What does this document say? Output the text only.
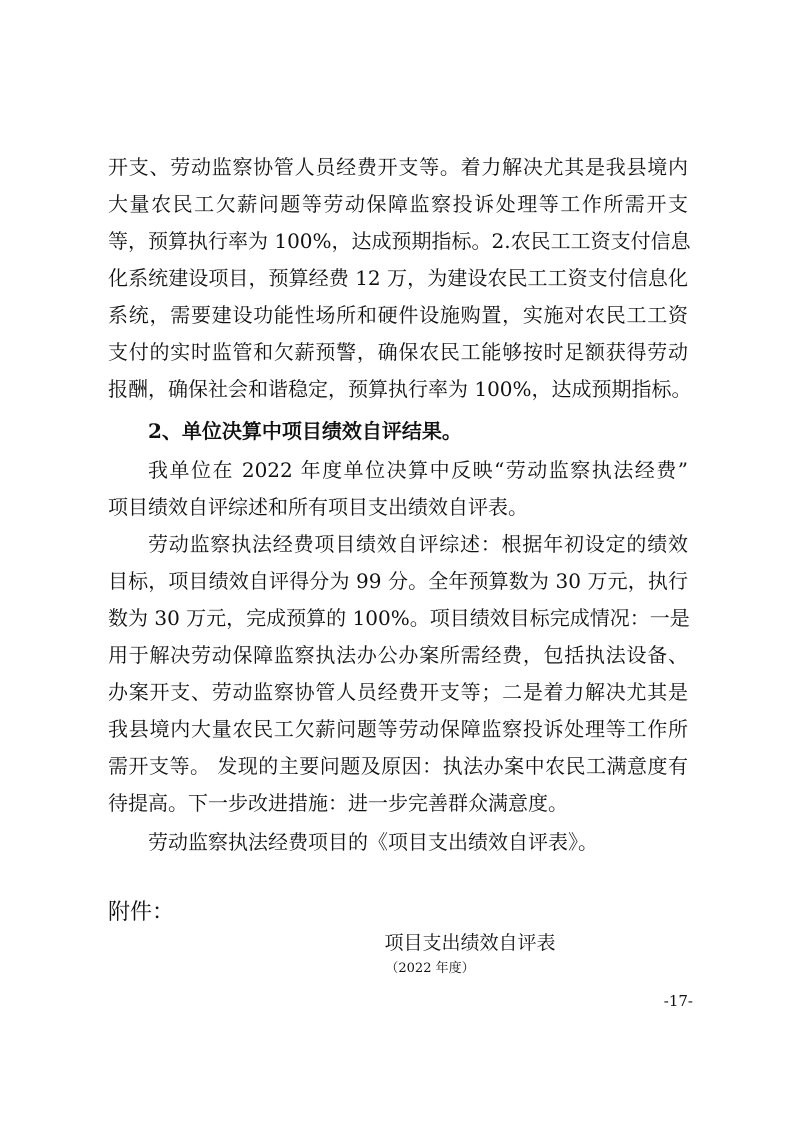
开支、劳动监察协管人员经费开支等。着力解决尤其是我县境内
大量农民工欠薪问题等劳动保障监察投诉处理等工作所需开支
等，预算执行率为 100%，达成预期指标。2.农民工工资支付信息
化系统建设项目，预算经费 12 万，为建设农民工工资支付信息化
系统，需要建设功能性场所和硬件设施购置，实施对农民工工资
支付的实时监管和欠薪预警，确保农民工能够按时足额获得劳动
报酬，确保社会和谐稳定，预算执行率为 100%，达成预期指标。
2、单位决算中项目绩效自评结果。
我单位在 2022 年度单位决算中反映“劳动监察执法经费”
项目绩效自评综述和所有项目支出绩效自评表。
劳动监察执法经费项目绩效自评综述：根据年初设定的绩效
目标，项目绩效自评得分为 99 分。全年预算数为 30 万元，执行
数为 30 万元，完成预算的 100%。项目绩效目标完成情况：一是
用于解决劳动保障监察执法办公办案所需经费，包括执法设备、
办案开支、劳动监察协管人员经费开支等；二是着力解决尤其是
我县境内大量农民工欠薪问题等劳动保障监察投诉处理等工作所
需开支等。 发现的主要问题及原因：执法办案中农民工满意度有
待提高。下一步改进措施：进一步完善群众满意度。
劳动监察执法经费项目的《项目支出绩效自评表》。
附件：
项目支出绩效自评表
（2022 年度）
-17-
